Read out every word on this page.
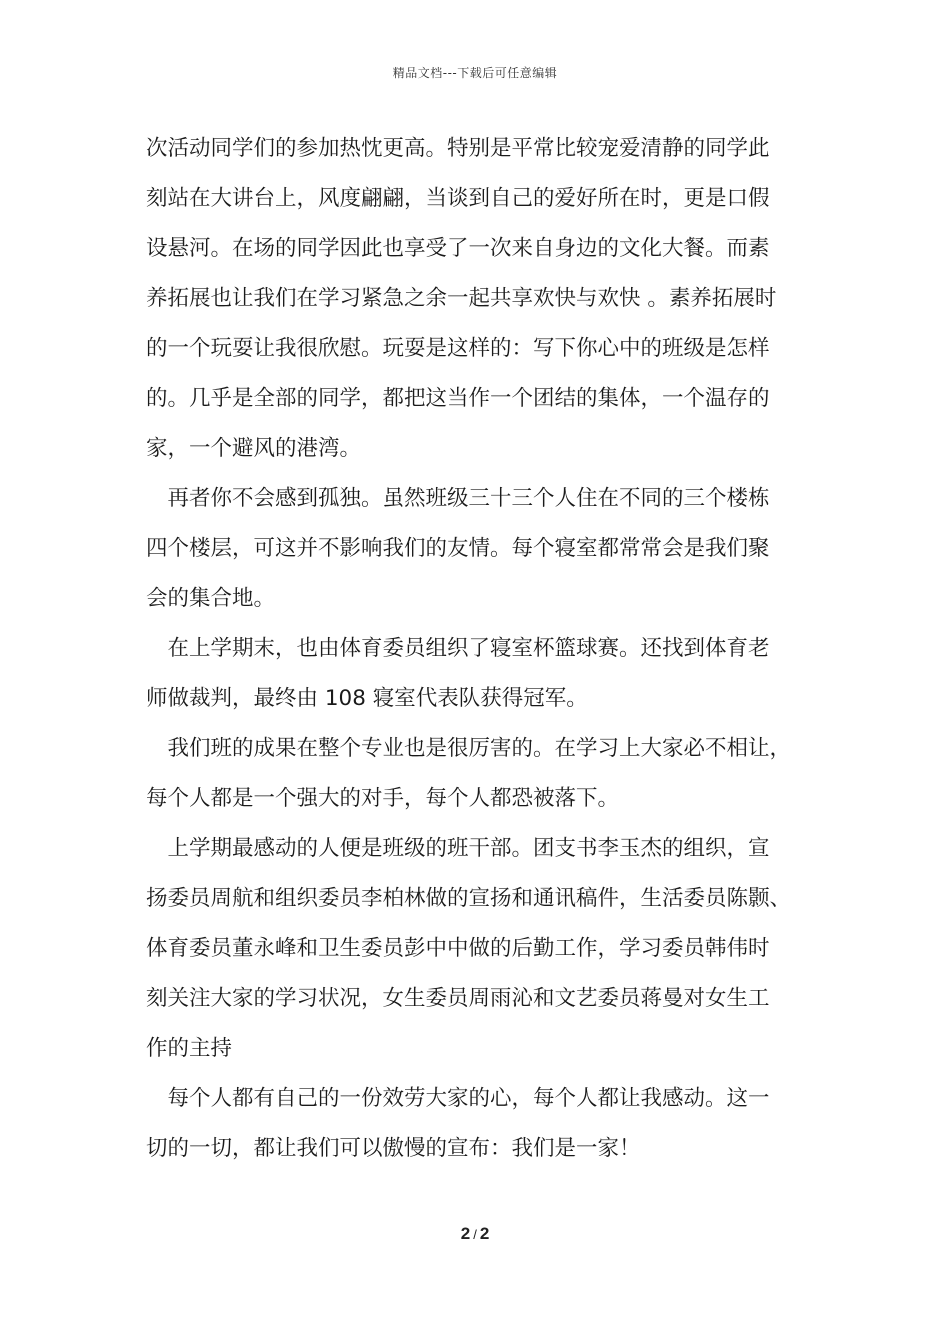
精品文档---下载后可任意编辑
次活动同学们的参加热忱更高。特别是平常比较宠爱清静的同学此
刻站在大讲台上，风度翩翩，当谈到自己的爱好所在时，更是口假
设悬河。在场的同学因此也享受了一次来自身边的文化大餐。而素
养拓展也让我们在学习紧急之余一起共享欢快与欢快 。素养拓展时
的一个玩耍让我很欣慰。玩耍是这样的：写下你心中的班级是怎样
的。几乎是全部的同学，都把这当作一个团结的集体，一个温存的
家，一个避风的港湾。
　再者你不会感到孤独。虽然班级三十三个人住在不同的三个楼栋
四个楼层，可这并不影响我们的友情。每个寝室都常常会是我们聚
会的集合地。
　在上学期末，也由体育委员组织了寝室杯篮球赛。还找到体育老
师做裁判，最终由 108 寝室代表队获得冠军。
　我们班的成果在整个专业也是很厉害的。在学习上大家必不相让，
每个人都是一个强大的对手，每个人都恐被落下。
　上学期最感动的人便是班级的班干部。团支书李玉杰的组织，宣
扬委员周航和组织委员李柏林做的宣扬和通讯稿件，生活委员陈颢、
体育委员董永峰和卫生委员彭中中做的后勤工作，学习委员韩伟时
刻关注大家的学习状况，女生委员周雨沁和文艺委员蒋曼对女生工
作的主持
　每个人都有自己的一份效劳大家的心，每个人都让我感动。这一
切的一切，都让我们可以傲慢的宣布：我们是一家！
2 / 2
